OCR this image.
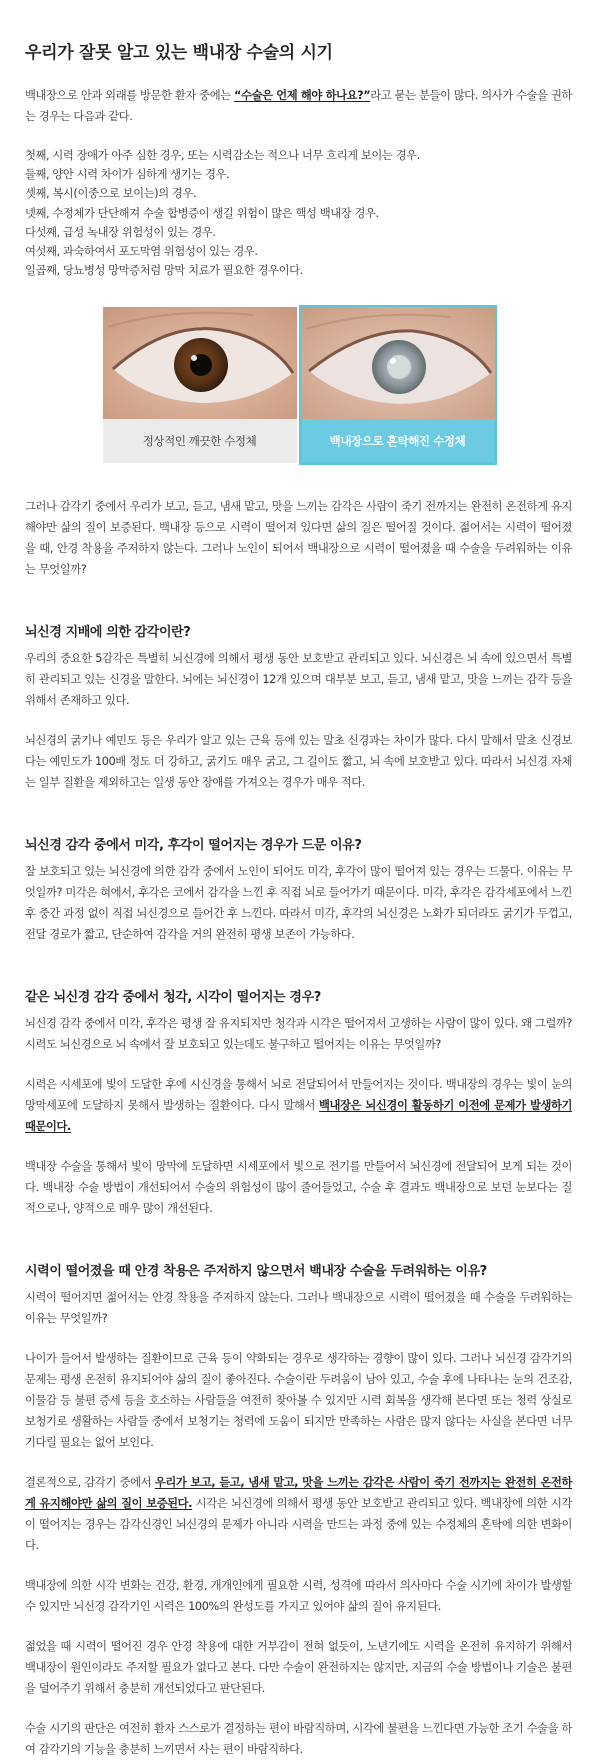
우리가 잘못 알고 있는 백내장 수술의 시기

백내장으로 안과 외래를 방문한 환자 중에는 “수술은 언제 해야 하나요?”라고 묻는 분들이 많다. 의사가 수술을 권하는 경우는 다음과 같다.

첫째, 시력 장애가 아주 심한 경우, 또는 시력감소는 적으나 너무 흐리게 보이는 경우.

둘째, 양안 시력 차이가 심하게 생기는 경우.

셋째, 복시(이중으로 보이는)의 경우.

넷째, 수정체가 단단해져 수술 합병증이 생길 위험이 많은 핵성 백내장 경우.

다섯째, 급성 녹내장 위험성이 있는 경우.

여섯째, 과숙하여서 포도막염 위험성이 있는 경우.

일곱째, 당뇨병성 망막증처럼 망막 치료가 필요한 경우이다.

정상적인 깨끗한 수정체	백내장으로 혼탁해진 수정체

그러나 감각기 중에서 우리가 보고, 듣고, 냄새 맡고, 맛을 느끼는 감각은 사람이 죽기 전까지는 완전히 온전하게 유지해야만 삶의 질이 보증된다. 백내장 등으로 시력이 떨어져 있다면 삶의 질은 떨어질 것이다. 젊어서는 시력이 떨어졌을 때, 안경 착용을 주저하지 않는다. 그러나 노인이 되어서 백내장으로 시력이 떨어졌을 때 수술을 두려워하는 이유는 무엇일까?

뇌신경 지배에 의한 감각이란?

우리의 중요한 5감각은 특별히 뇌신경에 의해서 평생 동안 보호받고 관리되고 있다. 뇌신경은 뇌 속에 있으면서 특별히 관리되고 있는 신경을 말한다. 뇌에는 뇌신경이 12개 있으며 대부분 보고, 듣고, 냄새 맡고, 맛을 느끼는 감각 등을 위해서 존재하고 있다.

뇌신경의 굵기나 예민도 등은 우리가 알고 있는 근육 등에 있는 말초 신경과는 차이가 많다. 다시 말해서 말초 신경보다는 예민도가 100배 정도 더 강하고, 굵기도 매우 굵고, 그 길이도 짧고, 뇌 속에 보호받고 있다. 따라서 뇌신경 자체는 일부 질환을 제외하고는 일생 동안 장애를 가져오는 경우가 매우 적다.

뇌신경 감각 중에서 미각, 후각이 떨어지는 경우가 드문 이유?

잘 보호되고 있는 뇌신경에 의한 감각 중에서 노인이 되어도 미각, 후각이 많이 떨어져 있는 경우는 드물다. 이유는 무엇일까? 미각은 혀에서, 후각은 코에서 감각을 느낀 후 직접 뇌로 들어가기 때문이다. 미각, 후각은 감각세포에서 느낀 후 중간 과정 없이 직접 뇌신경으로 들어간 후 느낀다. 따라서 미각, 후각의 뇌신경은 노화가 되더라도 굵기가 두껍고, 전달 경로가 짧고, 단순하여 감각을 거의 완전히 평생 보존이 가능하다.

같은 뇌신경 감각 중에서 청각, 시각이 떨어지는 경우?

뇌신경 감각 중에서 미각, 후각은 평생 잘 유지되지만 청각과 시각은 떨어져서 고생하는 사람이 많이 있다. 왜 그럴까? 시력도 뇌신경으로 뇌 속에서 잘 보호되고 있는데도 불구하고 떨어지는 이유는 무엇일까?

시력은 시세포에 빛이 도달한 후에 시신경을 통해서 뇌로 전달되어서 만들어지는 것이다. 백내장의 경우는 빛이 눈의 망막세포에 도달하지 못해서 발생하는 질환이다. 다시 말해서 백내장은 뇌신경이 활동하기 이전에 문제가 발생하기 때문이다.

백내장 수술을 통해서 빛이 망막에 도달하면 시세포에서 빛으로 전기를 만들어서 뇌신경에 전달되어 보게 되는 것이다. 백내장 수술 방법이 개선되어서 수술의 위험성이 많이 줄어들었고, 수술 후 결과도 백내장으로 보던 눈보다는 질적으로나, 양적으로 매우 많이 개선된다.

시력이 떨어졌을 때 안경 착용은 주저하지 않으면서 백내장 수술을 두려워하는 이유?

시력이 떨어지면 젊어서는 안경 착용을 주저하지 않는다. 그러나 백내장으로 시력이 떨어졌을 때 수술을 두려워하는 이유는 무엇일까?

나이가 들어서 발생하는 질환이므로 근육 등이 약화되는 경우로 생각하는 경향이 많이 있다. 그러나 뇌신경 감각기의 문제는 평생 온전히 유지되어야 삶의 질이 좋아진다. 수술이란 두려움이 남아 있고, 수술 후에 나타나는 눈의 건조감, 이물감 등 불편 증세 등을 호소하는 사람들을 여전히 찾아볼 수 있지만 시력 회복을 생각해 본다면 또는 청력 상실로 보청기로 생활하는 사람들 중에서 보청기는 청력에 도움이 되지만 만족하는 사람은 많지 않다는 사실을 본다면 너무 기다릴 필요는 없어 보인다.

결론적으로, 감각기 중에서 우리가 보고, 듣고, 냄새 맡고, 맛을 느끼는 감각은 사람이 죽기 전까지는 완전히 온전하게 유지해야만 삶의 질이 보증된다. 시각은 뇌신경에 의해서 평생 동안 보호받고 관리되고 있다. 백내장에 의한 시각이 떨어지는 경우는 감각신경인 뇌신경의 문제가 아니라 시력을 만드는 과정 중에 있는 수정체의 혼탁에 의한 변화이다.

백내장에 의한 시각 변화는 건강, 환경, 개개인에게 필요한 시력, 성격에 따라서 의사마다 수술 시기에 차이가 발생할 수 있지만 뇌신경 감각기인 시력은 100%의 완성도를 가지고 있어야 삶의 질이 유지된다.

젊었을 때 시력이 떨어진 경우 안경 착용에 대한 거부감이 전혀 없듯이, 노년기에도 시력을 온전히 유지하기 위해서 백내장이 원인이라도 주저할 필요가 없다고 본다. 다만 수술이 완전하지는 않지만, 지금의 수술 방법이나 기술은 불편을 덜어주기 위해서 충분히 개선되었다고 판단된다.

수술 시기의 판단은 여전히 환자 스스로가 결정하는 편이 바람직하며, 시각에 불편을 느낀다면 가능한 조기 수술을 하여 감각기의 기능을 충분히 느끼면서 사는 편이 바람직하다.
